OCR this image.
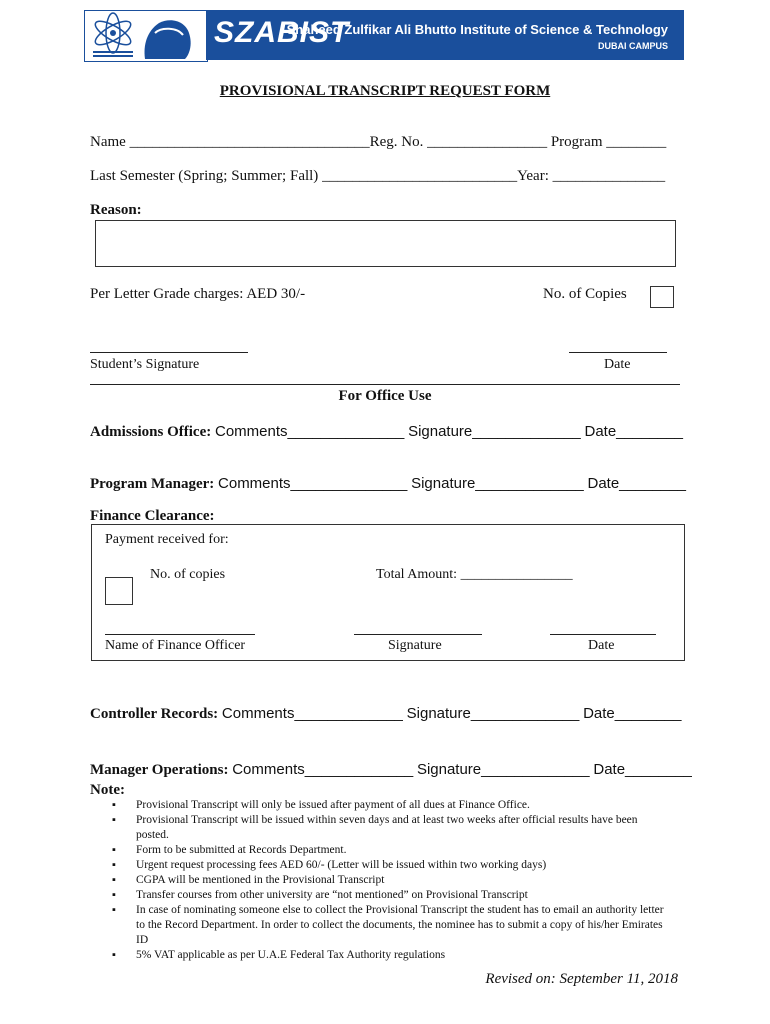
SZABIST
Shaheed Zulfikar Ali Bhutto Institute of Science & Technology
DUBAI CAMPUS
PROVISIONAL TRANSCRIPT REQUEST FORM
Name ________________________________Reg. No. ________________ Program ________
Last Semester (Spring; Summer; Fall) __________________________Year: _______________
Reason:
Per Letter Grade charges: AED 30/-	No. of Copies
Student’s Signature	Date
For Office Use
Admissions Office: Comments______________ Signature_____________ Date________
Program Manager: Comments______________ Signature_____________ Date________
Finance Clearance:
Payment received for:
No. of copies	Total Amount: ________________
Name of Finance Officer	Signature	Date
Controller Records: Comments_____________ Signature_____________ Date________
Manager Operations: Comments_____________ Signature_____________ Date________
Note:
▪ Provisional Transcript will only be issued after payment of all dues at Finance Office.
▪ Provisional Transcript will be issued within seven days and at least two weeks after official results have been posted.
▪ Form to be submitted at Records Department.
▪ Urgent request processing fees AED 60/- (Letter will be issued within two working days)
▪ CGPA will be mentioned in the Provisional Transcript
▪ Transfer courses from other university are “not mentioned” on Provisional Transcript
▪ In case of nominating someone else to collect the Provisional Transcript the student has to email an authority letter to the Record Department. In order to collect the documents, the nominee has to submit a copy of his/her Emirates ID
▪ 5% VAT applicable as per U.A.E Federal Tax Authority regulations
Revised on: September 11, 2018
